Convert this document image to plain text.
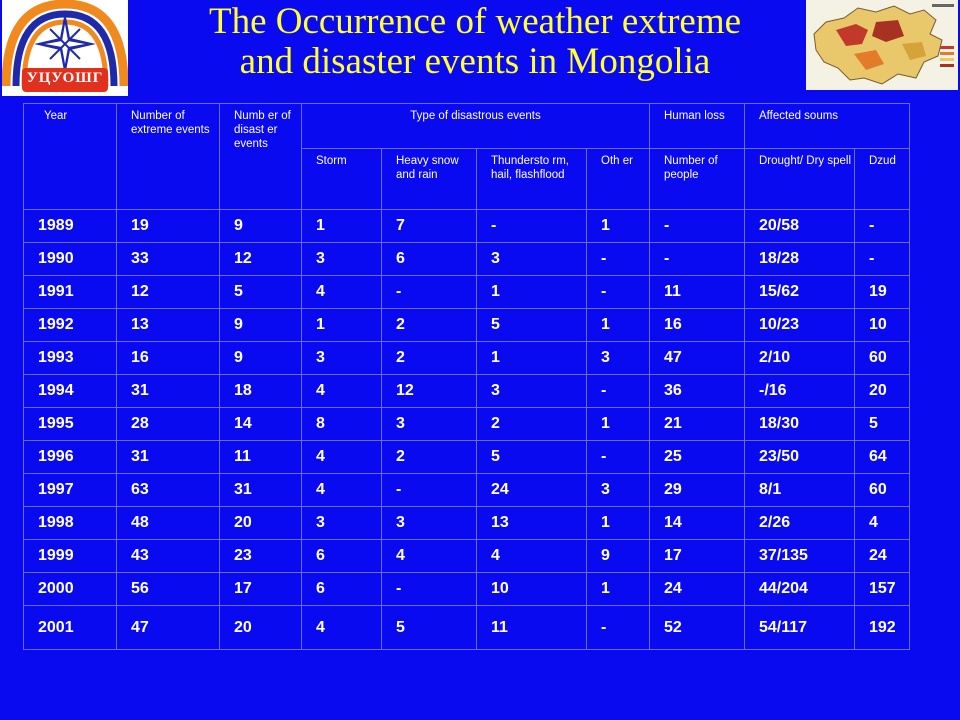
УЦУОШГ
The Occurrence of weather extreme
and disaster events in Mongolia
Year	Number of extreme events	Numb er of disast er events	Type of disastrous events				Human loss	Affected soums	
			Storm	Heavy snow and rain	Thundersto rm, hail, flashflood	Oth er	Number of people	Drought/ Dry spell	Dzud
1989	19	9	1	7	-	1	-	20/58	-
1990	33	12	3	6	3	-	-	18/28	-
1991	12	5	4	-	1	-	11	15/62	19
1992	13	9	1	2	5	1	16	10/23	10
1993	16	9	3	2	1	3	47	2/10	60
1994	31	18	4	12	3	-	36	-/16	20
1995	28	14	8	3	2	1	21	18/30	5
1996	31	11	4	2	5	-	25	23/50	64
1997	63	31	4	-	24	3	29	8/1	60
1998	48	20	3	3	13	1	14	2/26	4
1999	43	23	6	4	4	9	17	37/135	24
2000	56	17	6	-	10	1	24	44/204	157
2001	47	20	4	5	11	-	52	54/117	192
